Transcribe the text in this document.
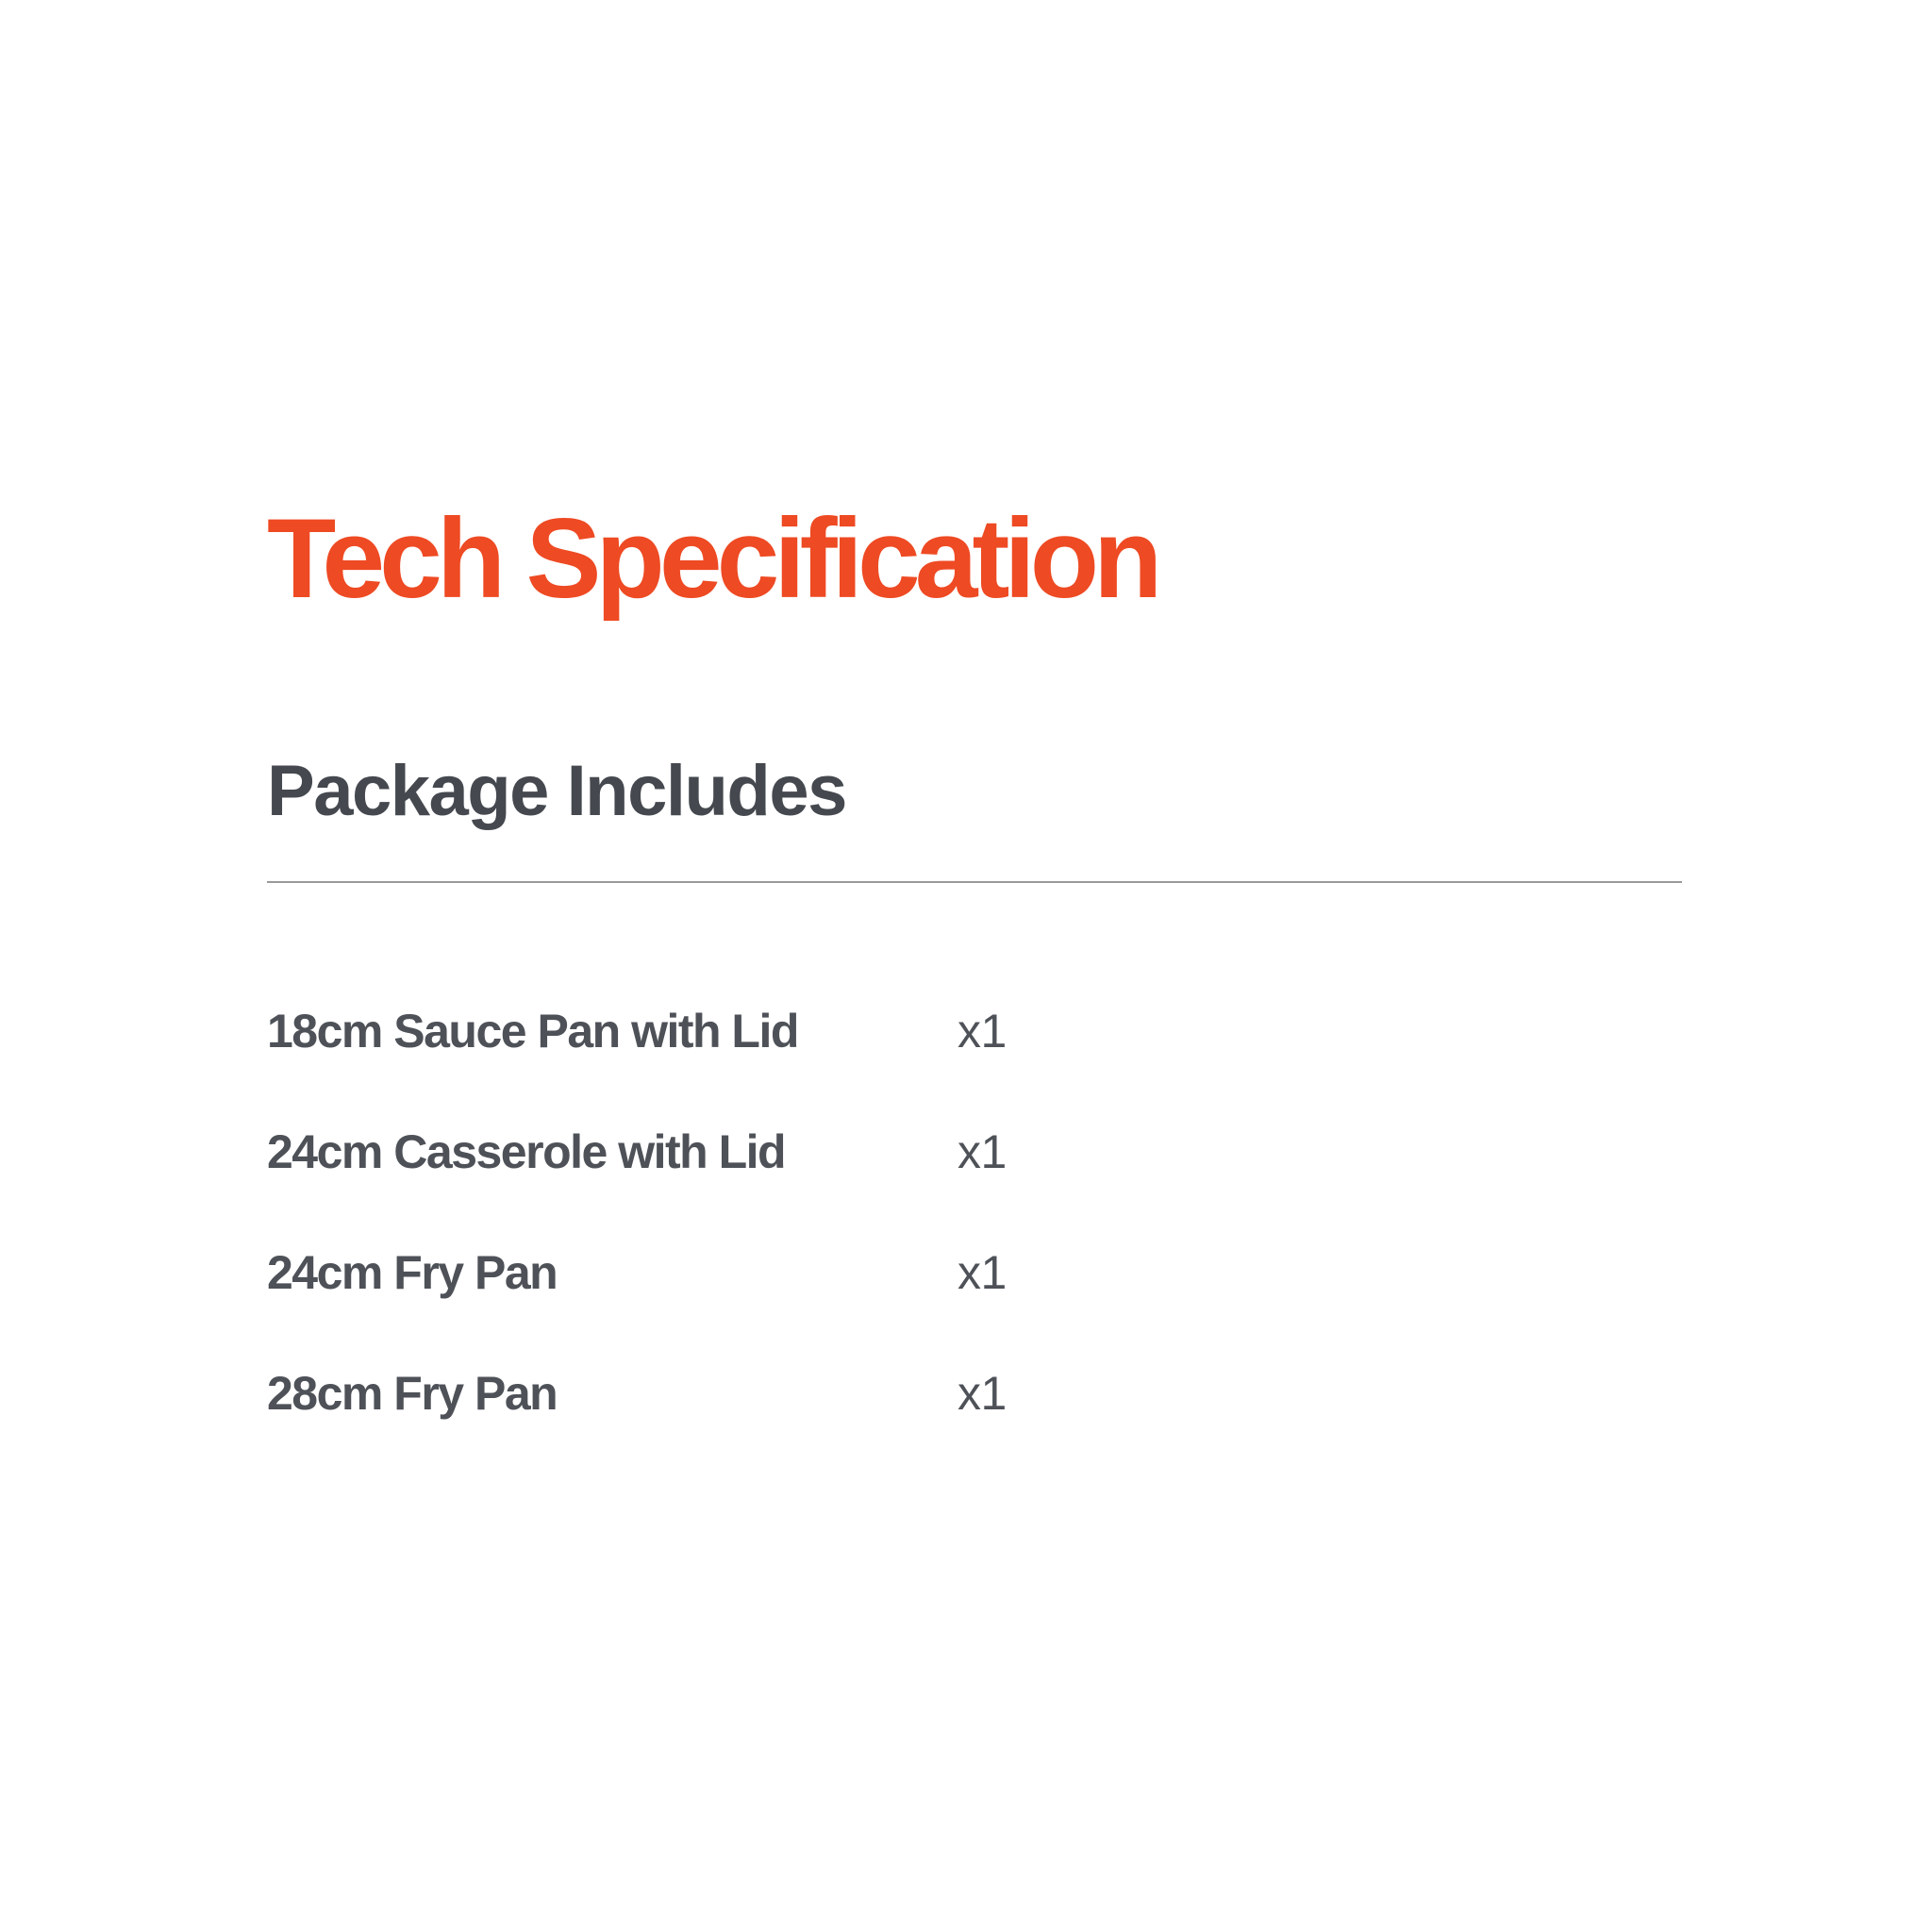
Tech Specification
Package Includes
18cm Sauce Pan with Lid	x1
24cm Casserole with Lid	x1
24cm Fry Pan	x1
28cm Fry Pan	x1
